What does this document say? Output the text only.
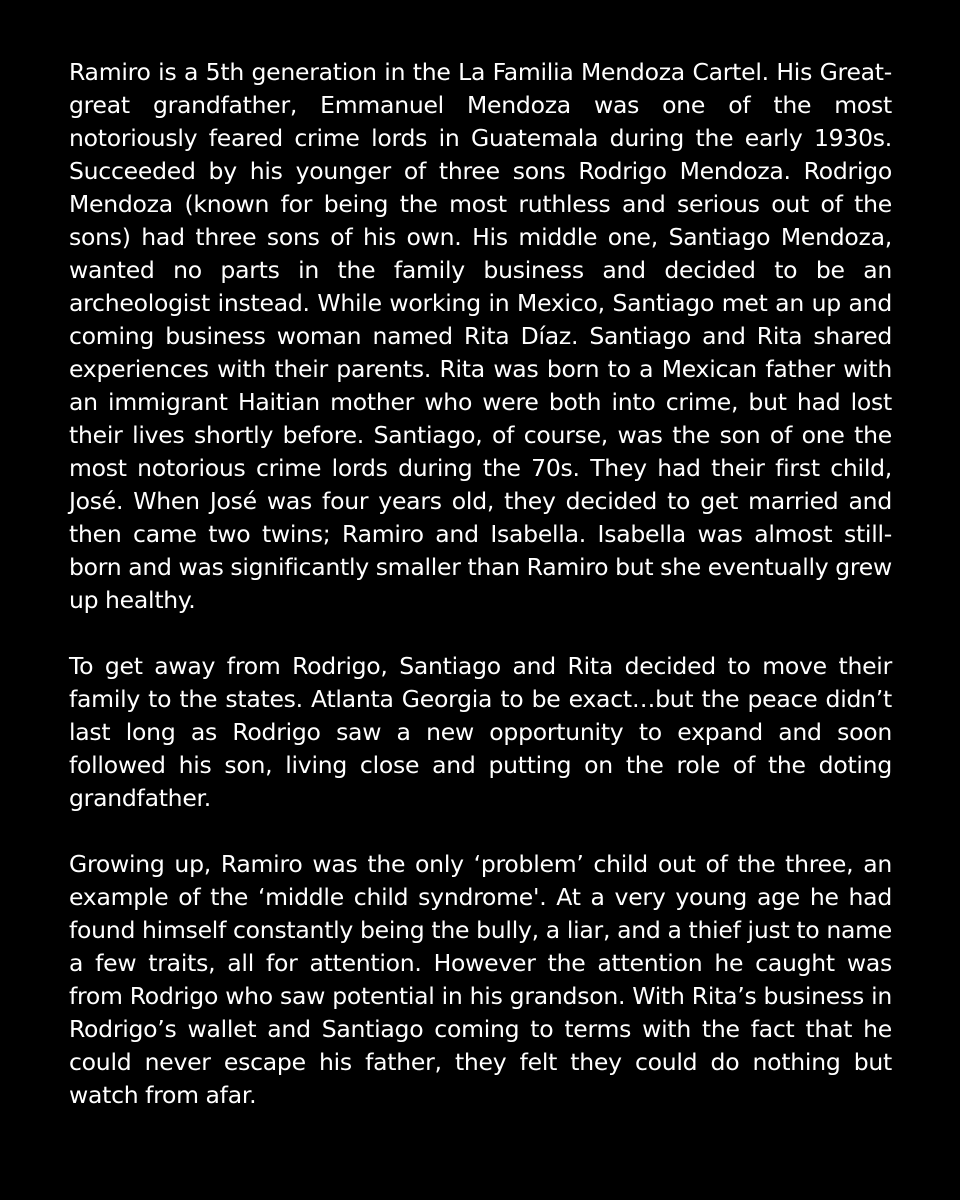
Ramiro is a 5th generation in the La Familia Mendoza Cartel. His Great-great grandfather, Emmanuel Mendoza was one of the most notoriously feared crime lords in Guatemala during the early 1930s. Succeeded by his younger of three sons Rodrigo Mendoza. Rodrigo Mendoza (known for being the most ruthless and serious out of the sons) had three sons of his own. His middle one, Santiago Mendoza, wanted no parts in the family business and decided to be an archeologist instead. While working in Mexico, Santiago met an up and coming business woman named Rita Díaz. Santiago and Rita shared experiences with their parents. Rita was born to a Mexican father with an immigrant Haitian mother who were both into crime, but had lost their lives shortly before. Santiago, of course, was the son of one the most notorious crime lords during the 70s. They had their first child, José. When José was four years old, they decided to get married and then came two twins; Ramiro and Isabella. Isabella was almost still-born and was significantly smaller than Ramiro but she eventually grew up healthy.

To get away from Rodrigo, Santiago and Rita decided to move their family to the states. Atlanta Georgia to be exact…but the peace didn’t last long as Rodrigo saw a new opportunity to expand and soon followed his son, living close and putting on the role of the doting grandfather.

Growing up, Ramiro was the only ‘problem’ child out of the three, an example of the ‘middle child syndrome'. At a very young age he had found himself constantly being the bully, a liar, and a thief just to name a few traits, all for attention. However the attention he caught was from Rodrigo who saw potential in his grandson. With Rita’s business in Rodrigo’s wallet and Santiago coming to terms with the fact that he could never escape his father, they felt they could do nothing but watch from afar.
